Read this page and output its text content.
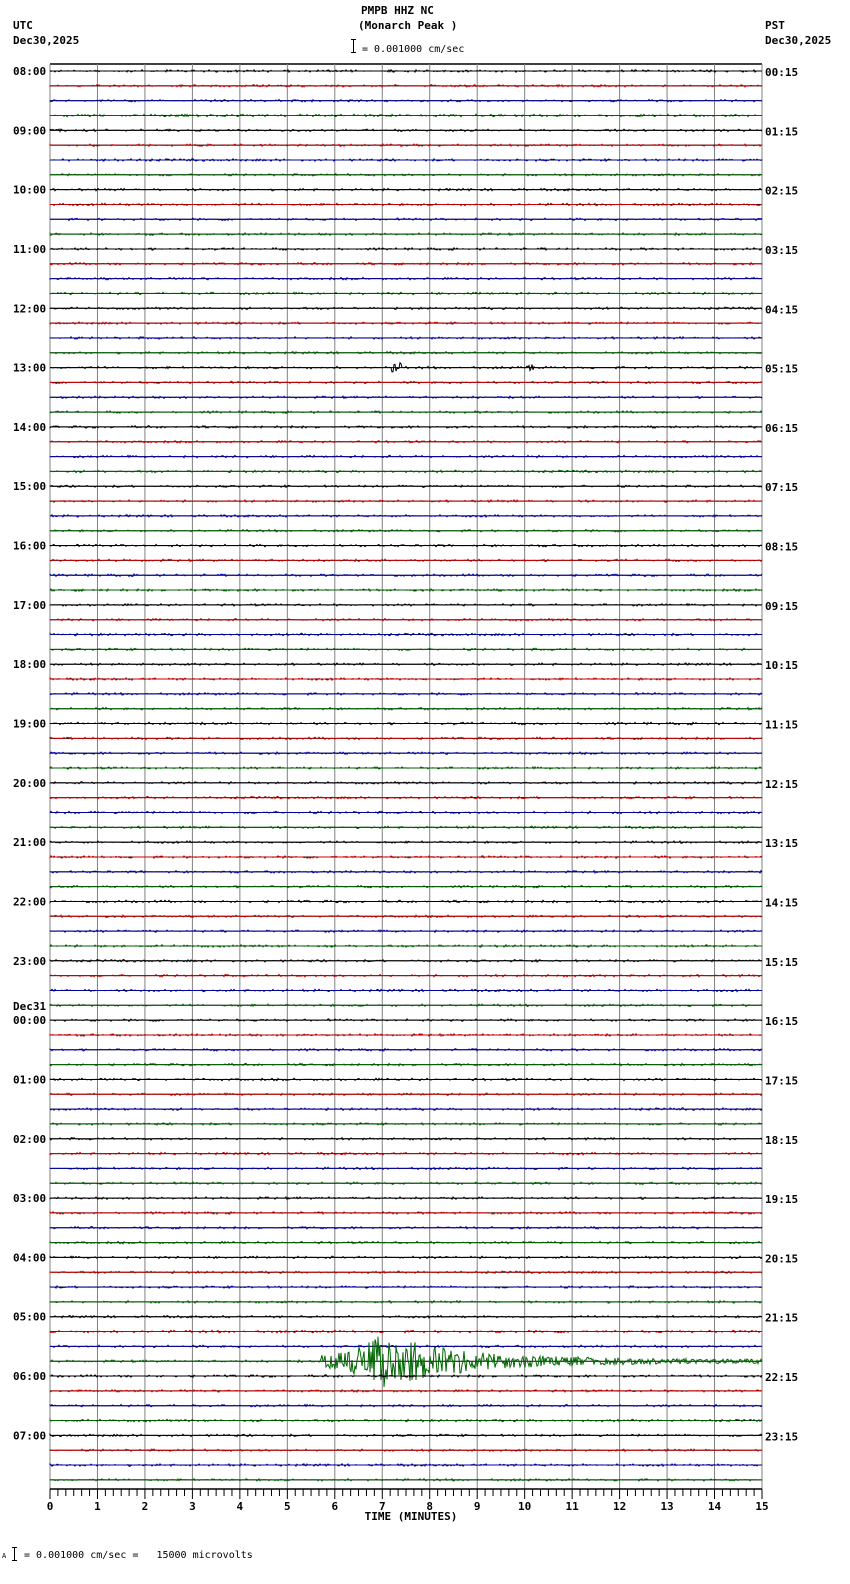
PMPB HHZ NC
(Monarch Peak )
UTC
Dec30,2025
PST
Dec30,2025
= 0.001000 cm/sec
08:00
09:00
10:00
11:00
12:00
13:00
14:00
15:00
16:00
17:00
18:00
19:00
20:00
21:00
22:00
23:00
00:00
Dec31
01:00
02:00
03:00
04:00
05:00
06:00
07:00
00:15
01:15
02:15
03:15
04:15
05:15
06:15
07:15
08:15
09:15
10:15
11:15
12:15
13:15
14:15
15:15
16:15
17:15
18:15
19:15
20:15
21:15
22:15
23:15
0	1	2	3	4	5	6	7	8	9	10	11	12	13	14	15
TIME (MINUTES)
A = 0.001000 cm/sec =   15000 microvolts
